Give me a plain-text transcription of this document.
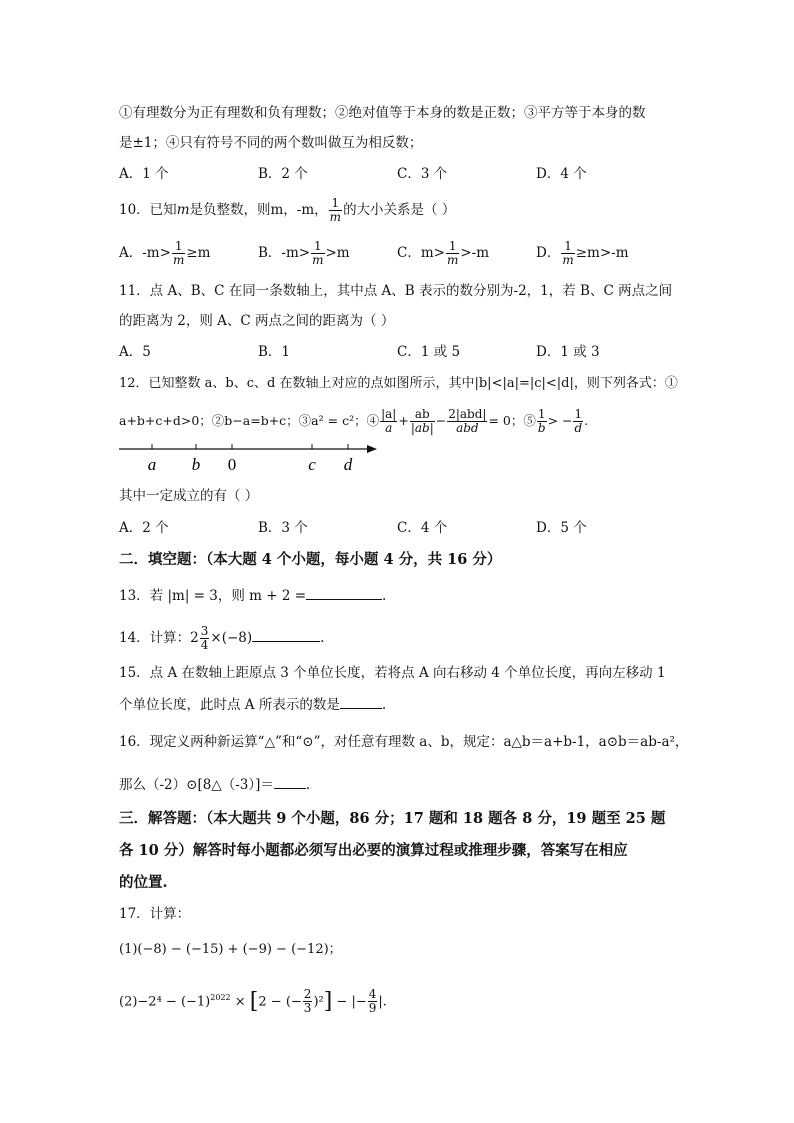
①有理数分为正有理数和负有理数；②绝对值等于本身的数是正数；③平方等于本身的数
是±1；④只有符号不同的两个数叫做互为相反数；
A．1 个	B．2 个	C．3 个	D．4 个
10．已知m是负整数，则m，-m， $\frac{1}{m}$ 的大小关系是（ ）
A．$-m> \frac{1}{m} \ge m$	B．$-m> \frac{1}{m} >m$	C．$m> \frac{1}{m} >-m$	D． $\frac{1}{m} \ge m>-m$
11．点 A、B、C 在同一条数轴上，其中点 A、B 表示的数分别为-2，1，若 B、C 两点之间
的距离为 2，则 A、C 两点之间的距离为（ ）
A．5	B．1	C．1 或 5	D．1 或 3
12．已知整数 a、b、c、d 在数轴上对应的点如图所示，其中|b|<|a|=|c|<|d|，则下列各式：①
a+b+c+d>0；②b−a=b+c；③a² = c²；④ $\frac{|a|}{a} + \frac{ab}{|ab|} - \frac{\text{2|abd|}}{\text{abd}} = 0$；⑤ $\frac{1}{b}$ > − $\frac{1}{d}$ .
a b 0	c d
其中一定成立的有（ ）
A．2 个	B．3 个	C．4 个	D．5 个
二．填空题：（本大题 4 个小题，每小题 4 分，共 16 分）
13．若 |m| = 3，则 m + 2 =	.
14．计算：$2 \frac{3}{4} \times(-8)$	.
15．点 A 在数轴上距原点 3 个单位长度，若将点 A 向右移动 4 个单位长度，再向左移动 1
个单位长度，此时点 A 所表示的数是	.
16．现定义两种新运算“△”和“⊙”，对任意有理数 a、b，规定：a△b＝a+b-1，a⊙b＝ab-a²，
那么（-2）⊙[8△（-3）]＝ .
三．解答题：（本大题共 9 个小题，86 分；17 题和 18 题各 8 分，19 题至 25 题
各 10 分）解答时每小题都必须写出必要的演算过程或推理步骤，答案写在相应
的位置.
17．计算：
(1)(−8) − (−15) + (−9) − (−12)；
$(2)-2^4 - (-1)^{2022} \times [2$ − (− $\frac{2}{3} )^2$] − |− $\frac{4}{9}$ |.
